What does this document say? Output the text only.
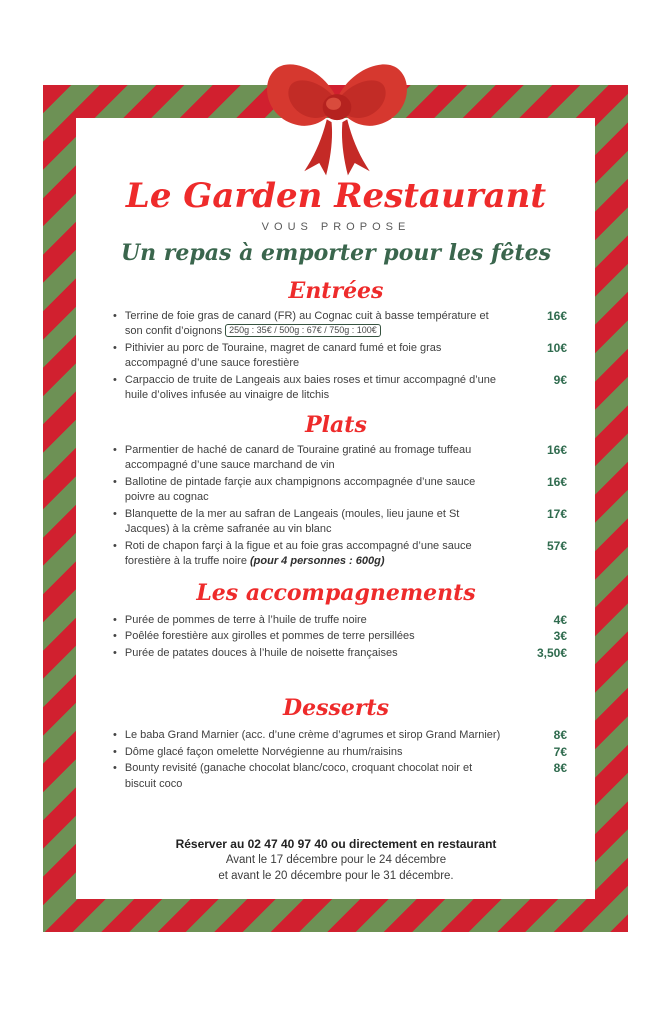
Le Garden Restaurant
VOUS PROPOSE
Un repas à emporter pour les fêtes
Entrées
• Terrine de foie gras de canard (FR) au Cognac cuit à basse température et son confit d’oignons 250g : 35€ / 500g : 67€ / 750g : 100€
16€
• Pithivier au porc de Touraine, magret de canard fumé et foie gras accompagné d’une sauce forestière
10€
• Carpaccio de truite de Langeais aux baies roses et timur accompagné d’une huile d’olives infusée au vinaigre de litchis
9€
Plats
• Parmentier de haché de canard de Touraine gratiné au fromage tuffeau accompagné d’une sauce marchand de vin
16€
• Ballotine de pintade farçie aux champignons accompagnée d’une sauce poivre au cognac
16€
• Blanquette de la mer au safran de Langeais (moules, lieu jaune et St Jacques) à la crème safranée au vin blanc
17€
• Roti de chapon farçi à la figue et au foie gras accompagné d’une sauce forestière à la truffe noire (pour 4 personnes : 600g)
57€
Les accompagnements
• Purée de pommes de terre à l’huile de truffe noire	4€
• Poêlée forestière aux girolles et pommes de terre persillées	3€
• Purée de patates douces à l’huile de noisette françaises	3,50€
Desserts
• Le baba Grand Marnier (acc. d’une crème d’agrumes et sirop Grand Marnier)	8€
• Dôme glacé façon omelette Norvégienne au rhum/raisins	7€
• Bounty revisité (ganache chocolat blanc/coco, croquant chocolat noir et biscuit coco
8€
Réserver au 02 47 40 97 40 ou directement en restaurant
Avant le 17 décembre pour le 24 décembre
et avant le 20 décembre pour le 31 décembre.
